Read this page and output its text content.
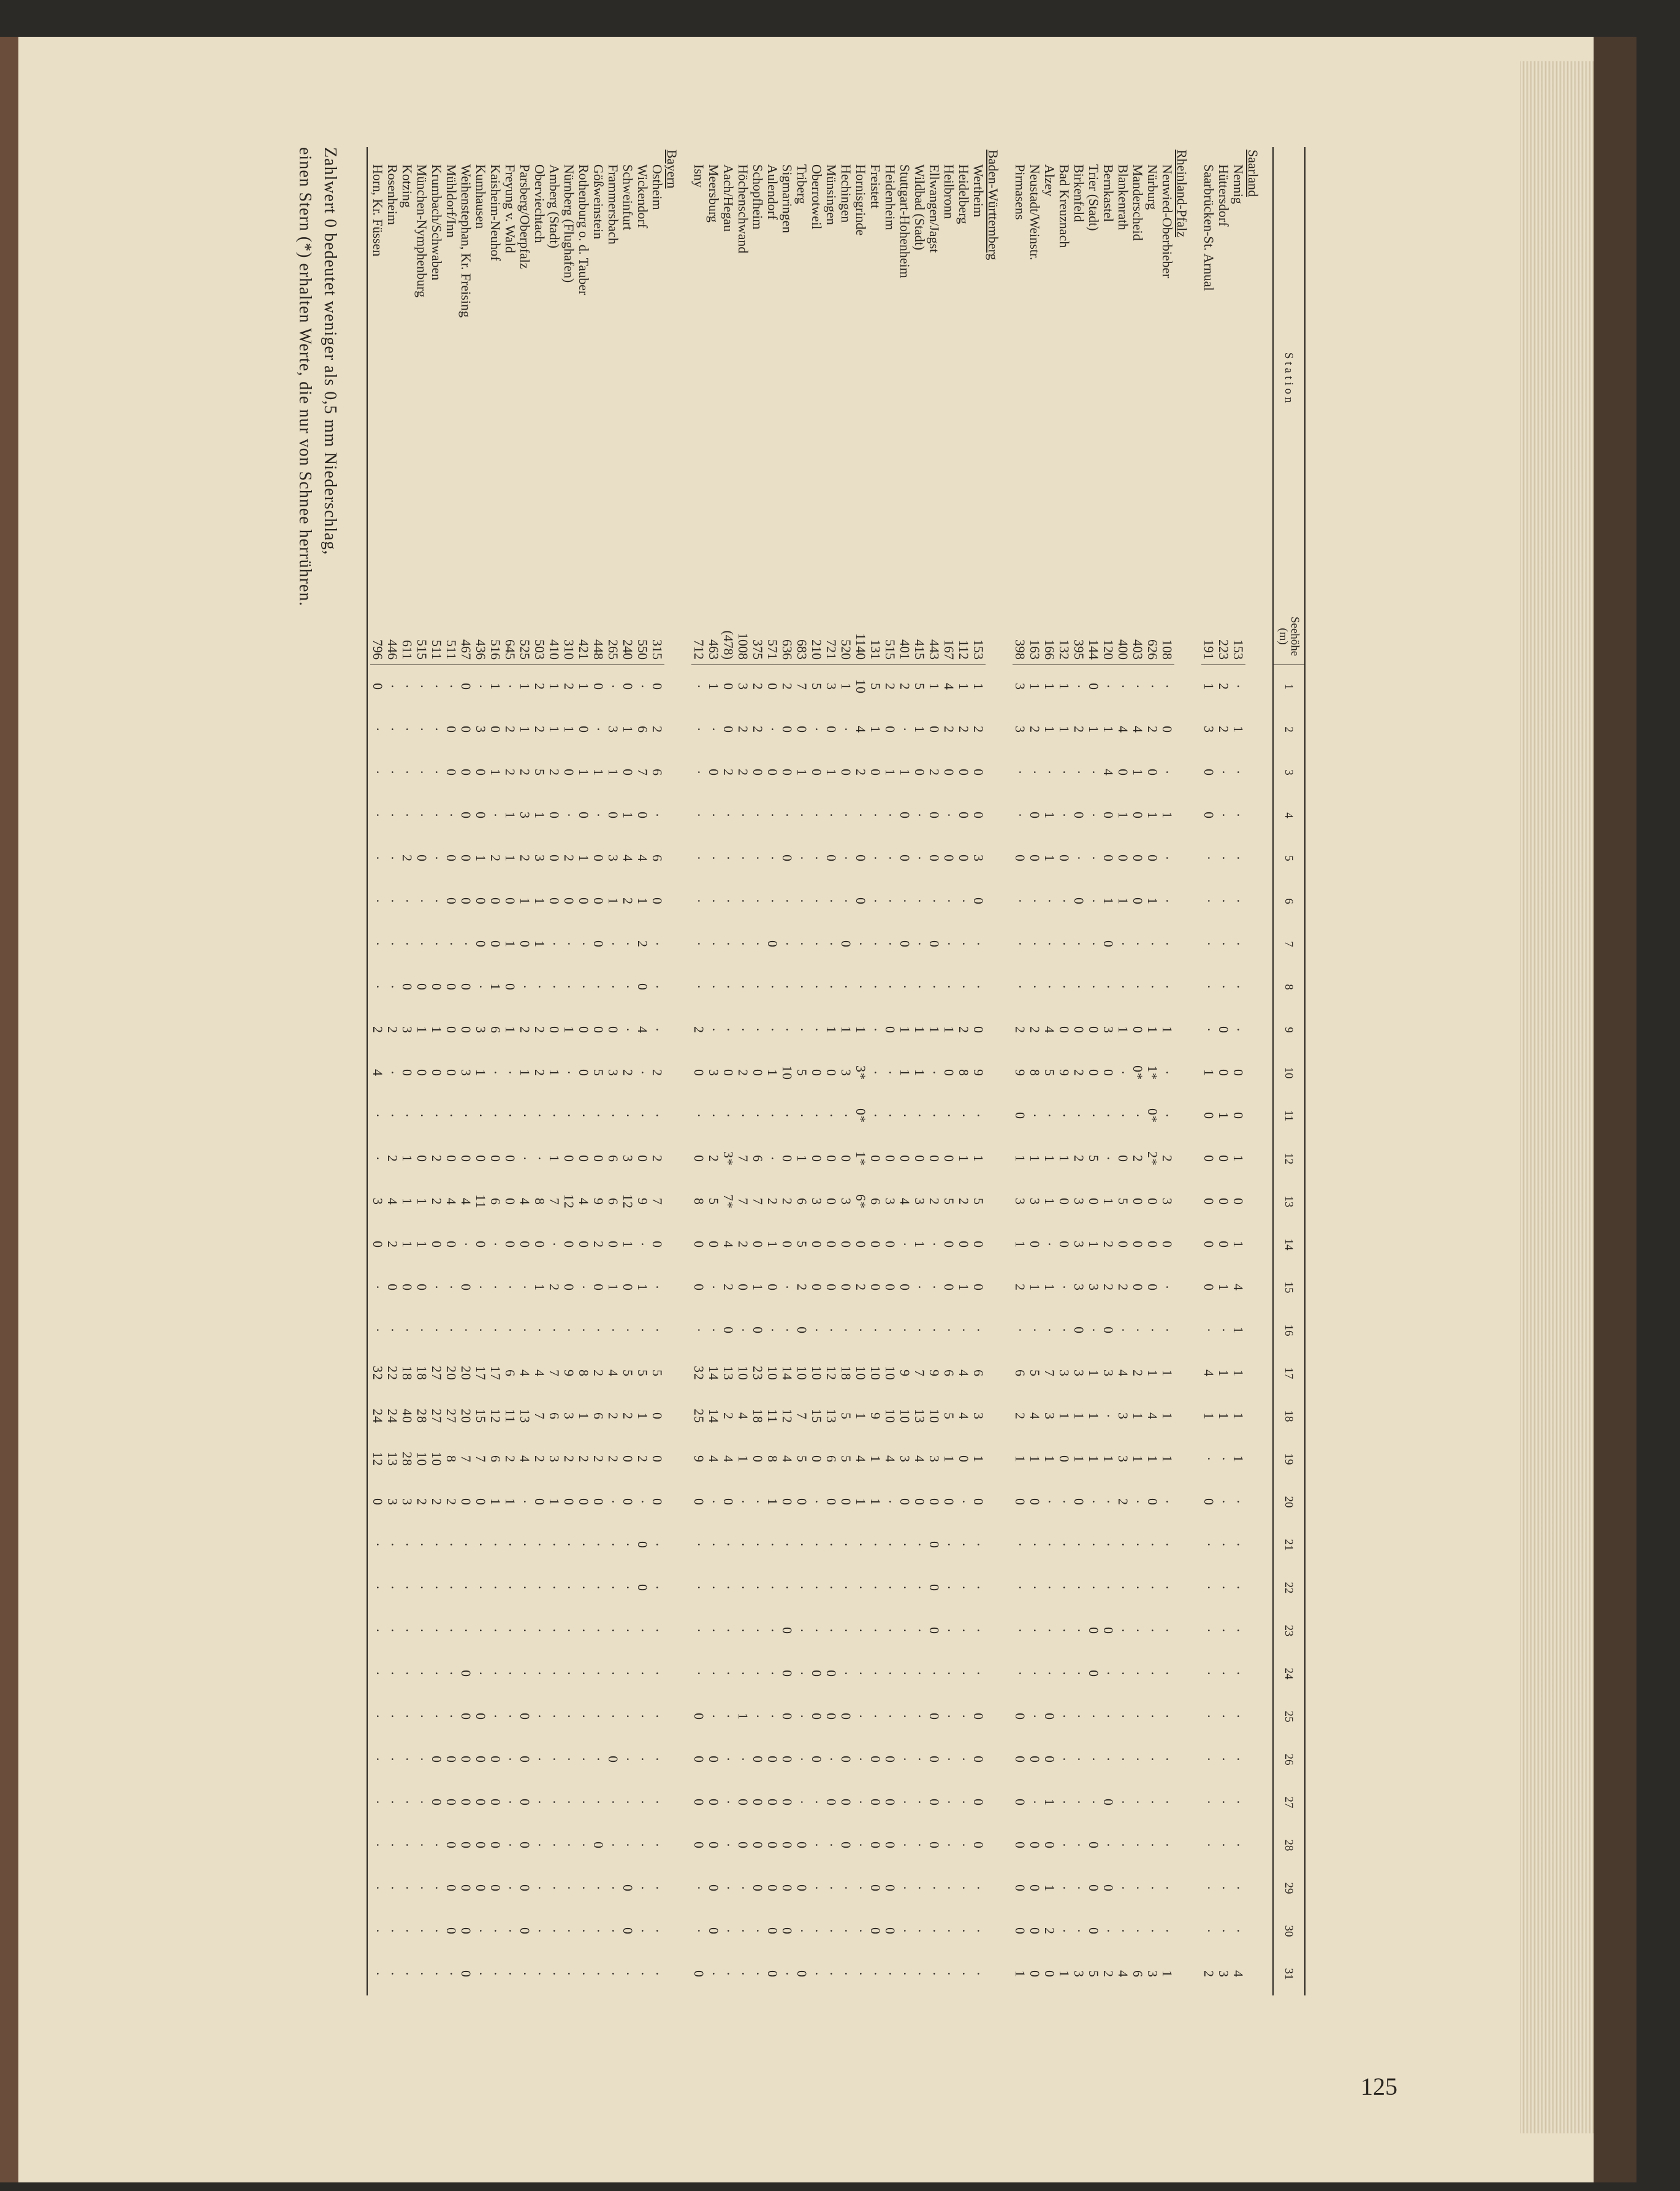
S t a t i o n	Seehöhe (m)	1	2	3	4	5	6	7	8	9	10	11	12	13	14	15	16	17	18	19	20	21	22	23	24	25	26	27	28	29	30	31
Saarland																																
Nennig	153	·	1	·	·	·	·	·	·	·	0	0	1	0	1	4	1	1	1	1	·	·	·	·	·	·	·	·	·	·	·	4
Hüttersdorf	223	2	2	·	·	·	·	·	·	0	0	1	0	0	0	1	·	1	1	·	·	·	·	·	·	·	·	·	·	·	·	3
Saarbrücken-St. Arnual	191	1	3	0	0	·	·	·	·	·	1	0	0	0	0	0	·	4	1	·	0	·	·	·	·	·	·	·	·	·	·	2
Rheinland-Pfalz																																
Neuwied-Oberbieber	108	·	0	·	1	·	·	·	·	1	·	·	2	3	0	·	·	1	1	1	·	·	·	·	·	·	·	·	·	·	·	1
Nürburg	626	·	2	0	1	0	1	·	·	1	1*	0*	2*	0	0	0	·	1	4	1	0	·	·	·	·	·	·	·	·	·	·	3
Manderscheid	403	·	4	1	0	0	0	·	·	0	0*	·	2	0	0	0	·	2	1	1	·	·	·	·	·	·	·	·	·	·	·	6
Blankenrath	400	·	4	0	1	0	1	·	·	1	·	·	0	5	0	2	·	4	3	3	2	·	·	·	·	·	·	·	·	·	·	4
Bernkastel	120	·	1	4	0	0	1	0	·	3	0	·	·	1	2	2	0	3	·	1	·	·	·	0	·	·	·	0	·	0	·	2
Trier (Stadt)	144	0	1	·	·	·	·	·	·	0	0	·	5	0	1	3	·	1	1	1	·	·	·	0	0	·	·	·	0	0	0	5
Birkenfeld	395	·	2	·	0	·	0	·	·	0	2	·	2	3	3	3	0	3	1	1	0	·	·	·	·	·	·	·	·	·	·	3
Bad Kreuznach	132	1	1	·	·	0	·	·	·	0	9	·	1	0	0	·	·	3	1	0	·	·	·	·	·	·	·	·	·	·	·	1
Alzey	166	1	1	·	1	1	·	·	·	4	5	·	1	1	·	1	·	7	3	1	·	·	·	·	·	0	0	1	0	1	2	0
Neustadt/Weinstr.	163	1	2	·	0	0	·	·	·	2	8	·	1	3	0	1	·	5	4	1	0	·	·	·	·	·	0	·	0	0	0	0
Pirmasens	398	3	3	·	·	0	·	·	·	2	9	0	1	3	1	2	·	6	2	1	0	·	·	·	·	0	0	0	0	0	0	1
Baden-Württemberg																																
Wertheim	153	1	2	0	0	3	0	·	·	0	9	·	1	5	0	0	·	6	3	1	0	·	·	·	·	0	0	0	0	·	·	·
Heidelberg	112	1	2	0	0	0	·	·	·	2	8	·	1	2	0	1	·	4	4	0	·	·	·	·	·	·	·	·	·	·	·	·
Heilbronn	167	4	2	0	·	0	·	·	·	1	0	·	0	5	0	0	·	6	5	1	0	·	·	·	·	·	·	·	·	·	·	·
Ellwangen/Jagst	443	1	0	2	0	0	·	0	·	1	·	·	0	2	·	·	·	9	10	3	0	0	0	0	·	0	0	0	0	·	·	·
Wildbad (Stadt)	415	5	1	0	·	·	·	·	·	1	1	·	0	3	1	·	·	7	13	4	0	·	·	·	·	·	·	·	·	·	·	·
Stuttgart-Hohenheim	401	2	·	1	0	0	·	0	·	1	1	·	0	4	·	0	·	9	10	3	0	·	·	·	·	·	·	·	·	·	·	·
Heidenheim	515	2	0	1	·	·	·	·	·	0	·	·	0	3	0	0	·	10	10	4	·	·	·	·	·	·	0	0	0	0	0	·
Freistett	131	5	1	0	·	·	·	·	·	·	·	·	0	6	0	0	·	10	9	1	1	·	·	·	·	·	0	0	0	0	0	·
Hornisgrinde	1140	10	4	2	·	0	0	·	·	1	3*	0*	1*	6*	0	2	·	10	1	4	1	·	·	·	·	·	·	·	·	·	·	·
Hechingen	520	1	·	0	·	·	·	0	·	1	3	·	0	3	0	0	·	18	5	5	0	·	·	·	·	0	0	0	0	·	·	·
Münsingen	721	3	0	1	·	0	·	·	·	1	0	·	0	0	0	0	·	12	13	6	0	·	·	·	0	0	·	0	·	·	·	·
Oberrotweil	210	5	·	0	·	·	·	·	·	·	0	·	0	3	0	0	·	10	15	0	·	·	·	·	0	0	0	·	·	·	·	·
Triberg	683	7	0	1	·	·	·	·	·	·	5	·	1	6	5	2	0	10	7	5	0	·	·	·	·	·	·	·	0	0	·	0
Sigmaringen	636	2	0	0	·	0	·	·	·	·	10	·	0	2	0	·	·	14	12	4	0	·	·	0	0	0	0	0	0	0	0	·
Aulendorf	571	0	·	0	·	·	·	0	·	·	1	·	·	2	1	0	·	10	11	8	1	·	·	·	·	·	0	0	0	0	0	0
Schopfheim	375	2	2	0	·	·	·	·	·	·	0	·	6	7	0	1	0	23	18	0	·	·	·	·	·	·	0	0	0	0	·	·
Höchenschwand	1008	3	2	2	·	·	·	·	·	·	2	·	7	7	2	0	·	10	4	1	·	·	·	·	·	1	·	0	0	·	·	·
Aach/Hegau	(478)	0	0	2	·	·	·	·	·	·	0	·	3*	7*	4	2	0	13	2	4	0	·	·	·	·	·	·	·	·	·	·	·
Meersburg	463	1	·	0	·	·	·	·	·	·	3	·	2	5	0	·	·	14	14	4	·	·	·	·	·	·	0	0	0	0	0	·
Isny	712	·	·	·	·	·	·	·	·	2	0	·	0	8	0	0	·	32	25	9	0	·	·	·	·	0	0	0	0	·	·	0
Bayern																																
Ostheim	315	0	2	6	·	6	0	·	·	·	2	·	2	7	0	·	·	5	0	0	0	·	·	·	·	·	·	·	·	·	·	·
Wickendorf	550	·	6	7	0	4	1	2	0	4	·	·	0	9	·	1	·	5	1	2	·	0	0	·	·	·	·	·	·	·	·	·
Schweinfurt	240	0	1	0	1	4	2	·	·	·	2	·	3	12	1	0	·	5	2	0	0	·	·	·	·	·	·	·	·	0	0	·
Frammersbach	265	·	3	1	0	3	1	·	·	0	3	·	6	6	0	1	·	4	2	2	·	·	·	·	·	·	0	·	·	·	·	·
Gößweinstein	448	0	·	1	·	0	0	0	·	0	5	·	0	9	2	0	·	2	6	2	0	·	·	·	·	·	·	·	0	·	·	·
Rothenburg o. d. Tauber	421	1	0	1	0	1	0	·	·	0	0	·	0	4	0	·	·	8	1	2	0	·	·	·	·	·	·	·	·	·	·	·
Nürnberg (Flughafen)	310	2	1	0	·	2	0	·	·	1	·	·	0	12	0	0	·	9	3	2	0	·	·	·	·	·	·	·	·	·	·	·
Amberg (Stadt)	410	1	1	2	0	0	0	·	·	0	1	·	1	7	·	2	·	7	6	3	1	·	·	·	·	·	·	·	·	·	·	·
Oberviechtach	503	2	2	5	1	3	1	1	·	2	2	·	·	8	0	1	·	4	7	2	0	·	·	·	·	·	·	·	·	·	·	·
Parsberg/Oberpfalz	525	1	1	2	3	2	1	0	·	2	1	·	·	4	0	·	·	4	13	4	·	·	·	·	·	0	0	0	0	0	0	·
Freyung v. Wald	645	·	2	2	1	1	0	1	0	1	·	·	0	0	0	·	·	6	11	2	1	·	·	·	·	·	·	·	·	·	·	·
Kaisheim-Neuhof	516	1	0	1	·	2	0	0	1	6	·	·	0	6	·	·	·	17	12	6	1	·	·	·	·	·	0	0	0	0	·	·
Kumhausen	436	·	3	0	0	1	0	0	·	3	1	·	0	11	0	·	·	17	15	7	0	·	·	·	·	0	0	0	0	0	·	·
Weihenstephan, Kr. Freising	467	0	0	0	0	0	0	·	0	0	3	·	0	4	·	0	·	20	20	7	0	·	·	·	0	0	0	0	0	0	0	0
Mühldorf/Inn	511	·	0	0	·	0	0	·	0	0	0	·	0	4	0	·	·	20	27	8	2	·	·	·	·	·	0	0	0	0	0	·
Krumbach/Schwaben	511	·	·	·	·	·	·	·	0	1	0	·	2	2	0	·	·	27	27	10	2	·	·	·	·	·	0	0	·	·	·	·
München-Nymphenburg	515	·	·	·	·	0	·	·	0	1	0	·	0	1	1	0	·	18	28	10	2	·	·	·	·	·	·	·	·	·	·	·
Kotzing	611	·	·	·	·	2	·	·	0	3	0	·	1	1	1	0	·	18	40	28	3	·	·	·	·	·	·	·	·	·	·	·
Rosenheim	446	·	·	·	·	·	·	·	·	2	·	·	2	4	2	0	·	22	24	13	3	·	·	·	·	·	·	·	·	·	·	·
Horn, Kr. Füssen	796	0	·	·	·	·	·	·	·	2	4	·	·	3	0	·	·	32	24	12	0	·	·	·	·	·	·	·	·	·	·	·

Zahlwert 0 bedeutet weniger als 0,5 mm Niederschlag,
einen Stern (*) erhalten Werte, die nur von Schnee herrühren.
125
